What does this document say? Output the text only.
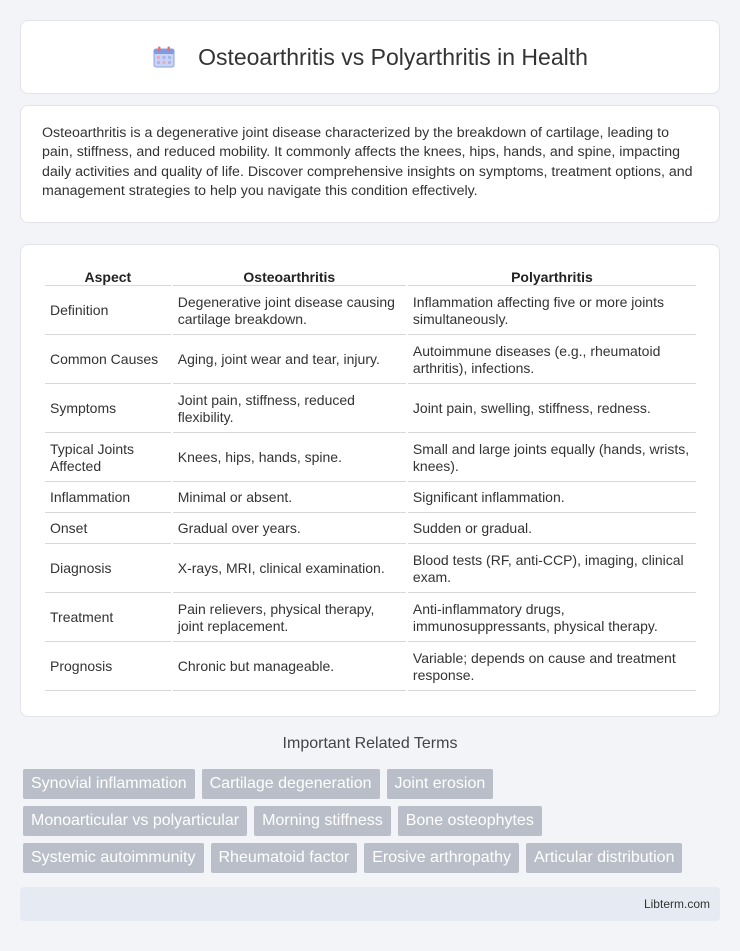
Osteoarthritis vs Polyarthritis in Health

Osteoarthritis is a degenerative joint disease characterized by the breakdown of cartilage, leading to pain, stiffness, and reduced mobility. It commonly affects the knees, hips, hands, and spine, impacting daily activities and quality of life. Discover comprehensive insights on symptoms, treatment options, and management strategies to help you navigate this condition effectively.

Aspect	Osteoarthritis	Polyarthritis
Definition	Degenerative joint disease causing cartilage breakdown.	Inflammation affecting five or more joints simultaneously.
Common Causes	Aging, joint wear and tear, injury.	Autoimmune diseases (e.g., rheumatoid arthritis), infections.
Symptoms	Joint pain, stiffness, reduced flexibility.	Joint pain, swelling, stiffness, redness.
Typical Joints Affected	Knees, hips, hands, spine.	Small and large joints equally (hands, wrists, knees).
Inflammation	Minimal or absent.	Significant inflammation.
Onset	Gradual over years.	Sudden or gradual.
Diagnosis	X-rays, MRI, clinical examination.	Blood tests (RF, anti-CCP), imaging, clinical exam.
Treatment	Pain relievers, physical therapy, joint replacement.	Anti-inflammatory drugs, immunosuppressants, physical therapy.
Prognosis	Chronic but manageable.	Variable; depends on cause and treatment response.
Important Related Terms
Synovial inflammation	Cartilage degeneration	Joint erosion
Monoarticular vs polyarticular	Morning stiffness	Bone osteophytes
Systemic autoimmunity	Rheumatoid factor	Erosive arthropathy	Articular distribution
Libterm.com
